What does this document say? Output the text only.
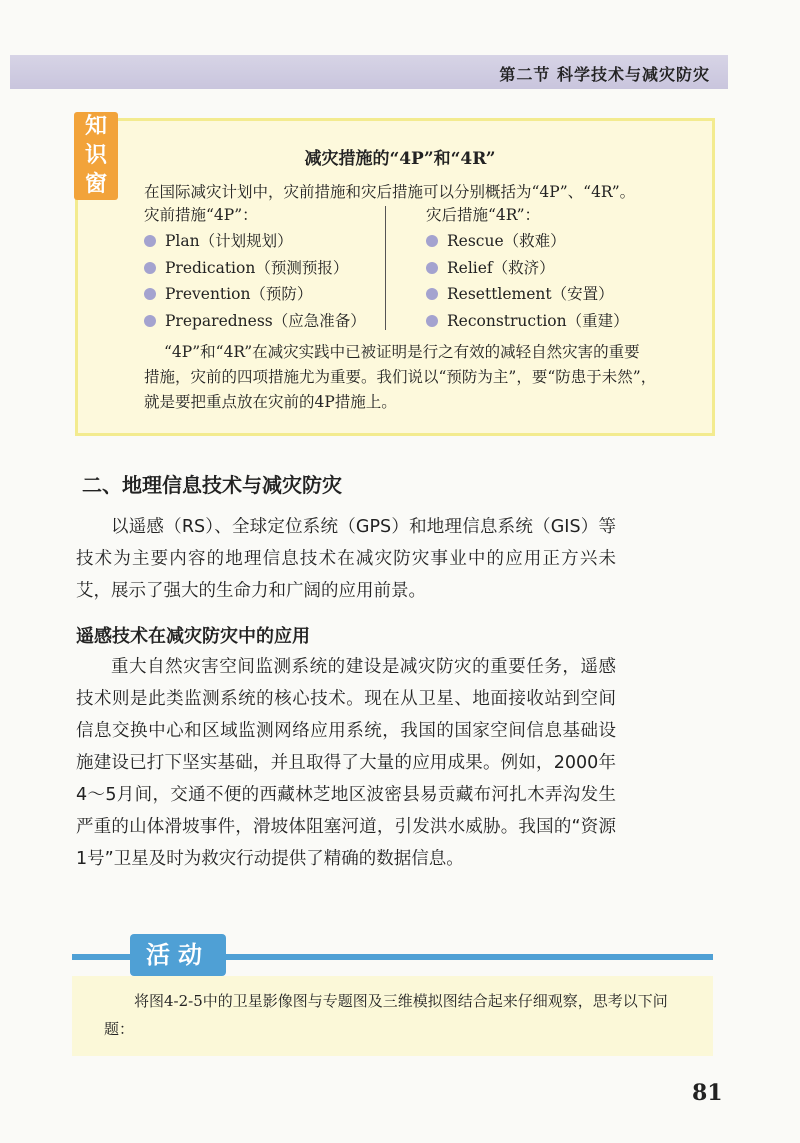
第二节 科学技术与减灾防灾
知
识
窗
减灾措施的“4P”和“4R”
在国际减灾计划中，灾前措施和灾后措施可以分别概括为“4P”、“4R”。
灾前措施“4P”：
Plan（计划规划）
Predication（预测预报）
Prevention（预防）
Preparedness（应急准备）
灾后措施“4R”：
Rescue（救难）
Relief（救济）
Resettlement（安置）
Reconstruction（重建）

“4P”和“4R”在减灾实践中已被证明是行之有效的减轻自然灾害的重要

措施，灾前的四项措施尤为重要。我们说以“预防为主”，要“防患于未然”，

就是要把重点放在灾前的4P措施上。

二、地理信息技术与减灾防灾

以遥感（RS）、全球定位系统（GPS）和地理信息系统（GIS）等技术为主要内容的地理信息技术在减灾防灾事业中的应用正方兴未艾，展示了强大的生命力和广阔的应用前景。

遥感技术在减灾防灾中的应用

重大自然灾害空间监测系统的建设是减灾防灾的重要任务，遥感技术则是此类监测系统的核心技术。现在从卫星、地面接收站到空间信息交换中心和区域监测网络应用系统，我国的国家空间信息基础设施建设已打下坚实基础，并且取得了大量的应用成果。例如，2000年4～5月间，交通不便的西藏林芝地区波密县易贡藏布河扎木弄沟发生严重的山体滑坡事件，滑坡体阻塞河道，引发洪水威胁。我国的“资源1号”卫星及时为救灾行动提供了精确的数据信息。

活动
将图4-2-5中的卫星影像图与专题图及三维模拟图结合起来仔细观察，思考以下问题：
81
